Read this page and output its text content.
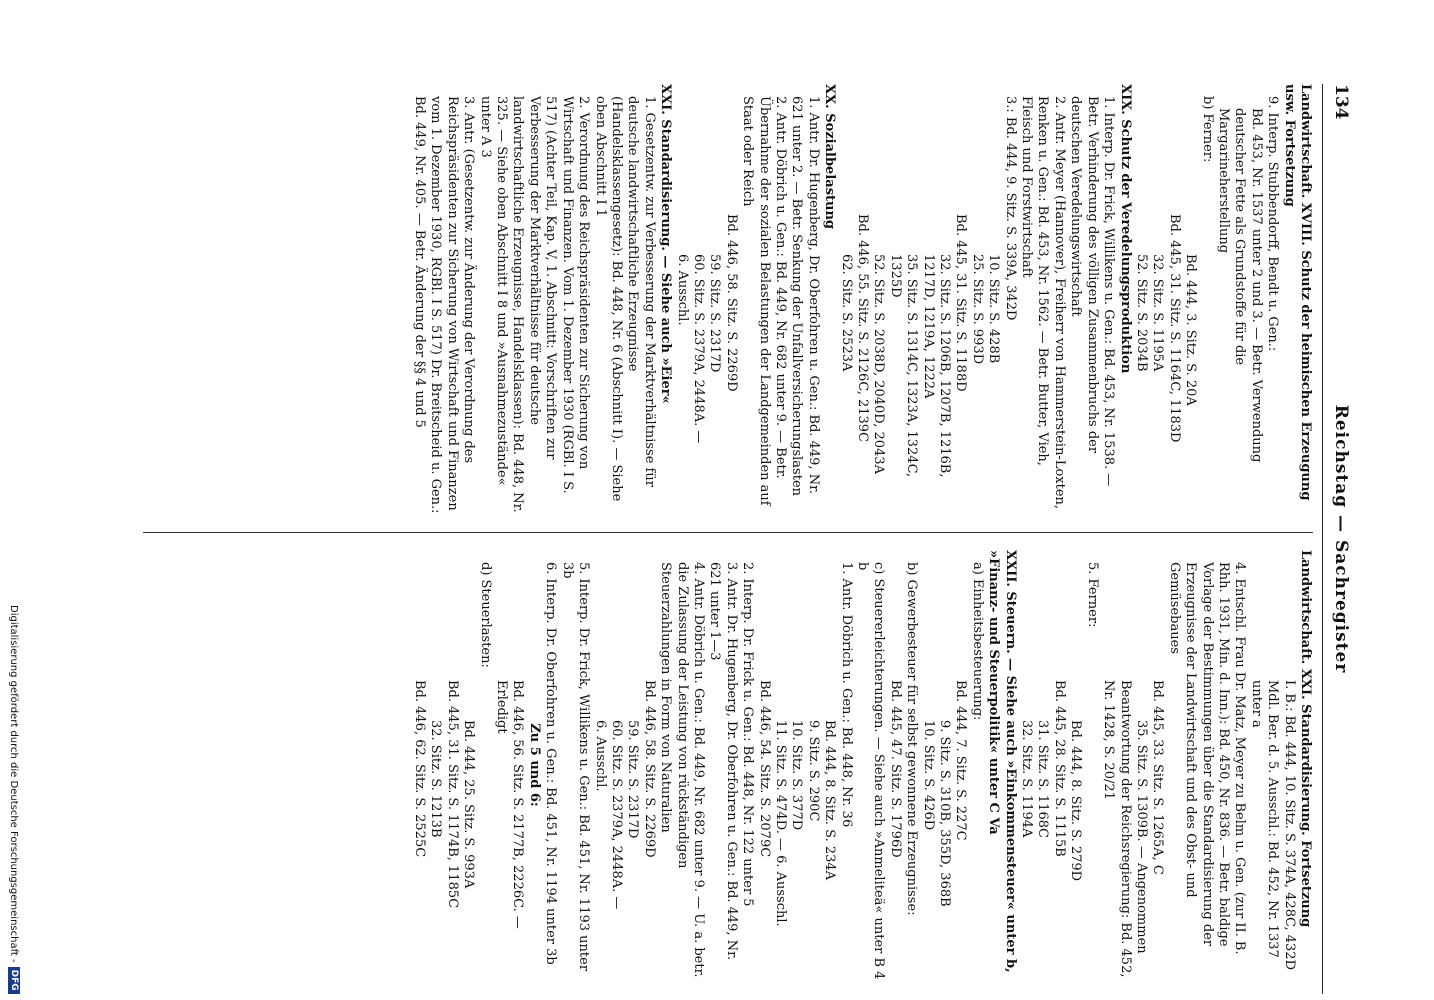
134
Reichstag — Sachregister

Landwirtschaft. XVIII. Schutz der heimischen Erzeugung usw. Fortsetzung

9. Interp. Stubbendorff, Bendt u. Gen.:

Bd. 453, Nr. 1537 unter 2 und 3. — Betr. Verwendung deutscher Fette als Grundstoffe für die Margarineherstellung

b) Ferner:

Bd. 444, 3. Sitz. S. 20A

Bd. 445, 31. Sitz. S. 1164C, 1183D

32. Sitz. S. 1195A

52. Sitz. S. 2034B

XIX. Schutz der Veredelungsproduktion

1. Interp. Dr. Frick, Willikens u. Gen.: Bd. 453, Nr. 1538. — Betr. Verhinderung des völligen Zusammenbruchs der deutschen Veredelungswirtschaft

2. Antr. Meyer (Hannover), Freiherr von Hammerstein-Loxten, Renken u. Gen.: Bd. 453, Nr. 1562. — Betr. Butter, Vieh, Fleisch und Forstwirtschaft

3.: Bd. 444, 9. Sitz. S. 339A, 342D

10. Sitz. S. 428B

25. Sitz. S. 993D

Bd. 445, 31. Sitz. S. 1188D

32. Sitz. S. 1206B, 1207B, 1216B, 1217D, 1219A, 1222A

35. Sitz. S. 1314C, 1323A, 1324C, 1325D

52. Sitz. S. 2038D, 2040D, 2043A

Bd. 446, 55. Sitz. S. 2126C, 2139C

62. Sitz. S. 2523A

XX. Sozialbelastung

1. Antr. Dr. Hugenberg, Dr. Oberfohren u. Gen.: Bd. 449, Nr. 621 unter 2. — Betr. Senkung der Unfallversicherungslasten

2. Antr. Döbrich u. Gen.: Bd. 449, Nr. 682 unter 9. — Betr. Übernahme der sozialen Belastungen der Landgemeinden auf Staat oder Reich

Bd. 446, 58. Sitz. S. 2269D

59. Sitz. S. 2317D

60. Sitz. S. 2379A, 2448A. —

6. Ausschl.

XXI. Standardisierung. — Siehe auch »Eier«

1. Gesetzentw. zur Verbesserung der Marktverhältnisse für deutsche landwirtschaftliche Erzeugnisse (Handelsklassengesetz): Bd. 448, Nr. 6 (Abschnitt I). — Siehe oben Abschnitt I 1

2. Verordnung des Reichspräsidenten zur Sicherung von Wirtschaft und Finanzen. Vom 1. Dezember 1930 (RGBl. I S. 517) (Achter Teil, Kap. V, 1. Abschnitt: Vorschriften zur Verbesserung der Marktverhältnisse für deutsche landwirtschaftliche Erzeugnisse, Handelsklassen): Bd. 448, Nr. 325. — Siehe oben Abschnitt I 8 und »Ausnahmezustände« unter A 3

3. Antr. (Gesetzentw. zur Änderung der Verordnung des Reichspräsidenten zur Sicherung von Wirtschaft und Finanzen vom 1. Dezember 1930, RGBl. I S. 517) Dr. Breitscheid u. Gen.: Bd. 449, Nr. 405. — Betr. Änderung der §§ 4 und 5

Landwirtschaft. XXI. Standardisierung. Fortsetzung

I. B.: Bd. 444, 10. Sitz. S. 374A, 428C, 432D

Mdl. Ber. d. 5. Ausschl.: Bd. 452, Nr. 1337 unter a

4. Entschl. Frau Dr. Matz, Meyer zu Belm u. Gen. (zur II. B. Rhh. 1931, Min. d. Inn.): Bd. 450, Nr. 836. — Betr. baldige Vorlage der Bestimmungen über die Standardisierung der Erzeugnisse der Landwirtschaft und des Obst- und Gemüsebaues

Bd. 445, 33. Sitz. S. 1265A, C

35. Sitz. S. 1309B. — Angenommen

Beantwortung der Reichsregierung: Bd. 452, Nr. 1428, S. 20/21

5. Ferner:

Bd. 444, 8. Sitz. S. 279D

Bd. 445, 28. Sitz. S. 1115B

31. Sitz. S. 1168C

32. Sitz. S. 1194A

XXII. Steuern. — Siehe auch »Einkommensteuer« unter b, »Finanz- und Steuerpolitik« unter C Va

a) Einheitsbesteuerung:

Bd. 444, 7. Sitz. S. 227C

9. Sitz. S. 310B, 355D, 368B

10. Sitz. S. 426D

b) Gewerbesteuer für selbst gewonnene Erzeugnisse:

Bd. 445, 47. Sitz. S. 1796D

c) Steuererleichterungen. — Siehe auch »Anmeliteä« unter B 4 b

1. Antr. Döbrich u. Gen.: Bd. 448, Nr. 36

Bd. 444, 8. Sitz. S. 234A

9. Sitz. S. 290C

10. Sitz. S. 377D

11. Sitz. S. 474D. — 6. Ausschl.

Bd. 446, 54. Sitz. S. 2079C

2. Interp. Dr. Frick u. Gen.: Bd. 448, Nr. 122 unter 5

3. Antr. Dr. Hugenberg, Dr. Oberfohren u. Gen.: Bd. 449, Nr. 621 unter 1—3

4. Antr. Döbrich u. Gen.: Bd. 449, Nr. 682 unter 9. — U. a. betr. die Zulassung der Leistung von rückständigen Steuerzahlungen in Form von Naturalien

Bd. 446, 58. Sitz. S. 2269D

59. Sitz. S. 2317D

60. Sitz. S. 2379A, 2448A. —

6. Ausschl.

5. Interp. Dr. Frick, Willikens u. Gen.: Bd. 451, Nr. 1193 unter 3b

6. Interp. Dr. Oberfohren u. Gen.: Bd. 451, Nr. 1194 unter 3b

Zu 5 und 6:

Bd. 446, 56. Sitz. S. 2177B, 2226C. — Erledigt

d) Steuerlasten:

Bd. 444, 25. Sitz. S. 993A

Bd. 445, 31. Sitz. S. 1174B, 1185C

32. Sitz. S. 1213B

Bd. 446, 62. Sitz. S. 2525C

Digitalisierung gefördert durch die Deutsche Forschungsgemeinschaft -DFG
